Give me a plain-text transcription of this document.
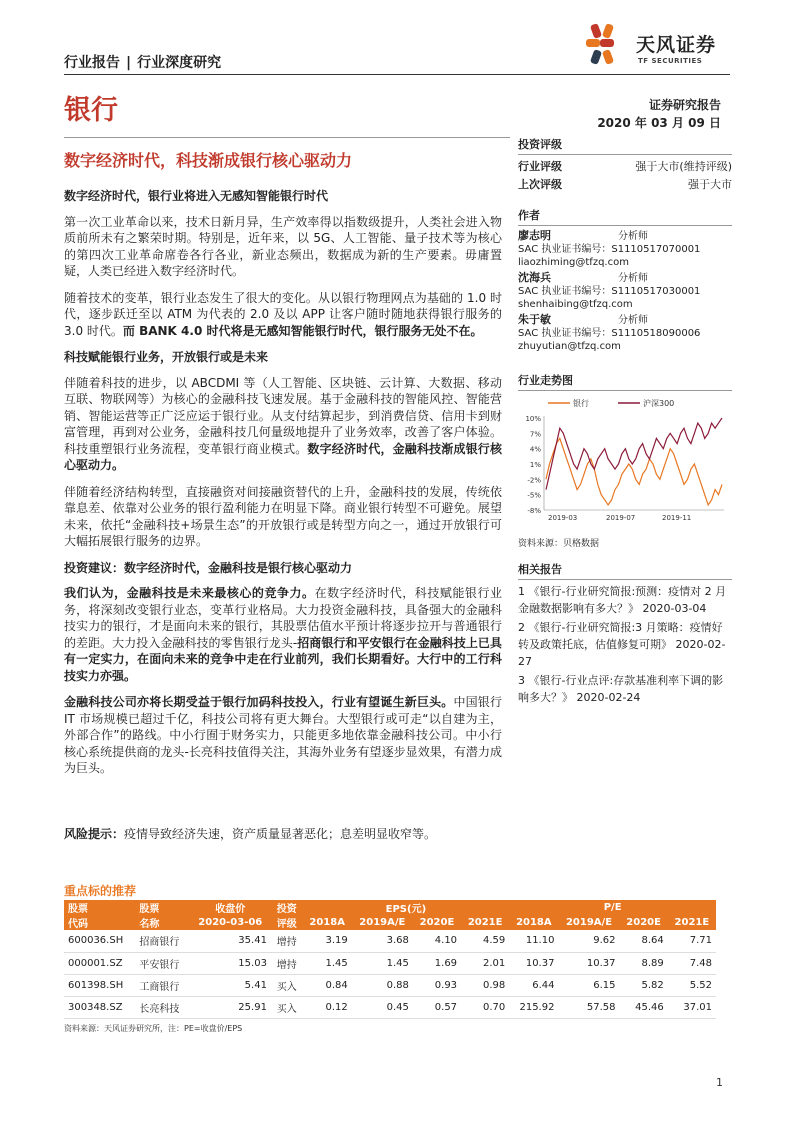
行业报告 | 行业深度研究
天风证券
TF SECURITIES
银行	证券研究报告
2020 年 03 月 09 日
数字经济时代，科技渐成银行核心驱动力
数字经济时代，银行业将进入无感知智能银行时代

第一次工业革命以来，技术日新月异，生产效率得以指数级提升，人类社会进入物质前所未有之繁荣时期。特别是，近年来，以 5G、人工智能、量子技术等为核心的第四次工业革命席卷各行各业，新业态频出，数据成为新的生产要素。毋庸置疑，人类已经进入数字经济时代。

随着技术的变革，银行业态发生了很大的变化。从以银行物理网点为基础的 1.0 时代，逐步跃迁至以 ATM 为代表的 2.0 及以 APP 让客户随时随地获得银行服务的 3.0 时代。而 BANK 4.0 时代将是无感知智能银行时代，银行服务无处不在。

科技赋能银行业务，开放银行或是未来

伴随着科技的进步，以 ABCDMI 等（人工智能、区块链、云计算、大数据、移动互联、物联网等）为核心的金融科技飞速发展。基于金融科技的智能风控、智能营销、智能运营等正广泛应运于银行业。从支付结算起步，到消费信贷、信用卡到财富管理，再到对公业务，金融科技几何量级地提升了业务效率，改善了客户体验。科技重塑银行业务流程，变革银行商业模式。数字经济时代，金融科技渐成银行核心驱动力。

伴随着经济结构转型，直接融资对间接融资替代的上升，金融科技的发展，传统依靠息差、依靠对公业务的银行盈利能力在明显下降。商业银行转型不可避免。展望未来，依托“金融科技+场景生态”的开放银行或是转型方向之一，通过开放银行可大幅拓展银行服务的边界。

投资建议：数字经济时代，金融科技是银行核心驱动力

我们认为，金融科技是未来最核心的竞争力。在数字经济时代，科技赋能银行业务，将深刻改变银行业态，变革行业格局。大力投资金融科技，具备强大的金融科技实力的银行，才是面向未来的银行，其股票估值水平预计将逐步拉开与普通银行的差距。大力投入金融科技的零售银行龙头-招商银行和平安银行在金融科技上已具有一定实力，在面向未来的竞争中走在行业前列，我们长期看好。大行中的工行科技实力亦强。

金融科技公司亦将长期受益于银行加码科技投入，行业有望诞生新巨头。中国银行 IT 市场规模已超过千亿，科技公司将有更大舞台。大型银行或可走“以自建为主，外部合作”的路线。中小行囿于财务实力，只能更多地依靠金融科技公司。中小行核心系统提供商的龙头-长亮科技值得关注，其海外业务有望逐步显效果，有潜力成为巨头。

投资评级
行业评级	强于大市(维持评级)
上次评级	强于大市
作者
廖志明	分析师
SAC 执业证书编号：S1110517070001
liaozhiming@tfzq.com
沈海兵	分析师
SAC 执业证书编号：S1110517030001
shenhaibing@tfzq.com
朱于敏	分析师
SAC 执业证书编号：S1110518090006
zhuyutian@tfzq.com
行业走势图
银行	沪深300
10%
7%
4%
1%
-2%
-5%
-8%
2019-03	2019-07	2019-11
资料来源：贝格数据
相关报告
1 《银行-行业研究简报:预测：疫情对 2 月金融数据影响有多大？》 2020-03-04
2 《银行-行业研究简报:3 月策略：疫情好转及政策托底，估值修复可期》 2020-02-27
3 《银行-行业点评:存款基准利率下调的影响多大？》 2020-02-24
风险提示：疫情导致经济失速，资产质量显著恶化；息差明显收窄等。
重点标的推荐
股票	股票	收盘价	投资	EPS(元)				P/E			
代码	名称	2020-03-06	评级	2018A	2019A/E	2020E	2021E	2018A	2019A/E	2020E	2021E
600036.SH	招商银行	35.41	增持	3.19	3.68	4.10	4.59	11.10	9.62	8.64	7.71
000001.SZ	平安银行	15.03	增持	1.45	1.45	1.69	2.01	10.37	10.37	8.89	7.48
601398.SH	工商银行	5.41	买入	0.84	0.88	0.93	0.98	6.44	6.15	5.82	5.52
300348.SZ	长亮科技	25.91	买入	0.12	0.45	0.57	0.70	215.92	57.58	45.46	37.01
资料来源：天风证券研究所，注：PE=收盘价/EPS
1
